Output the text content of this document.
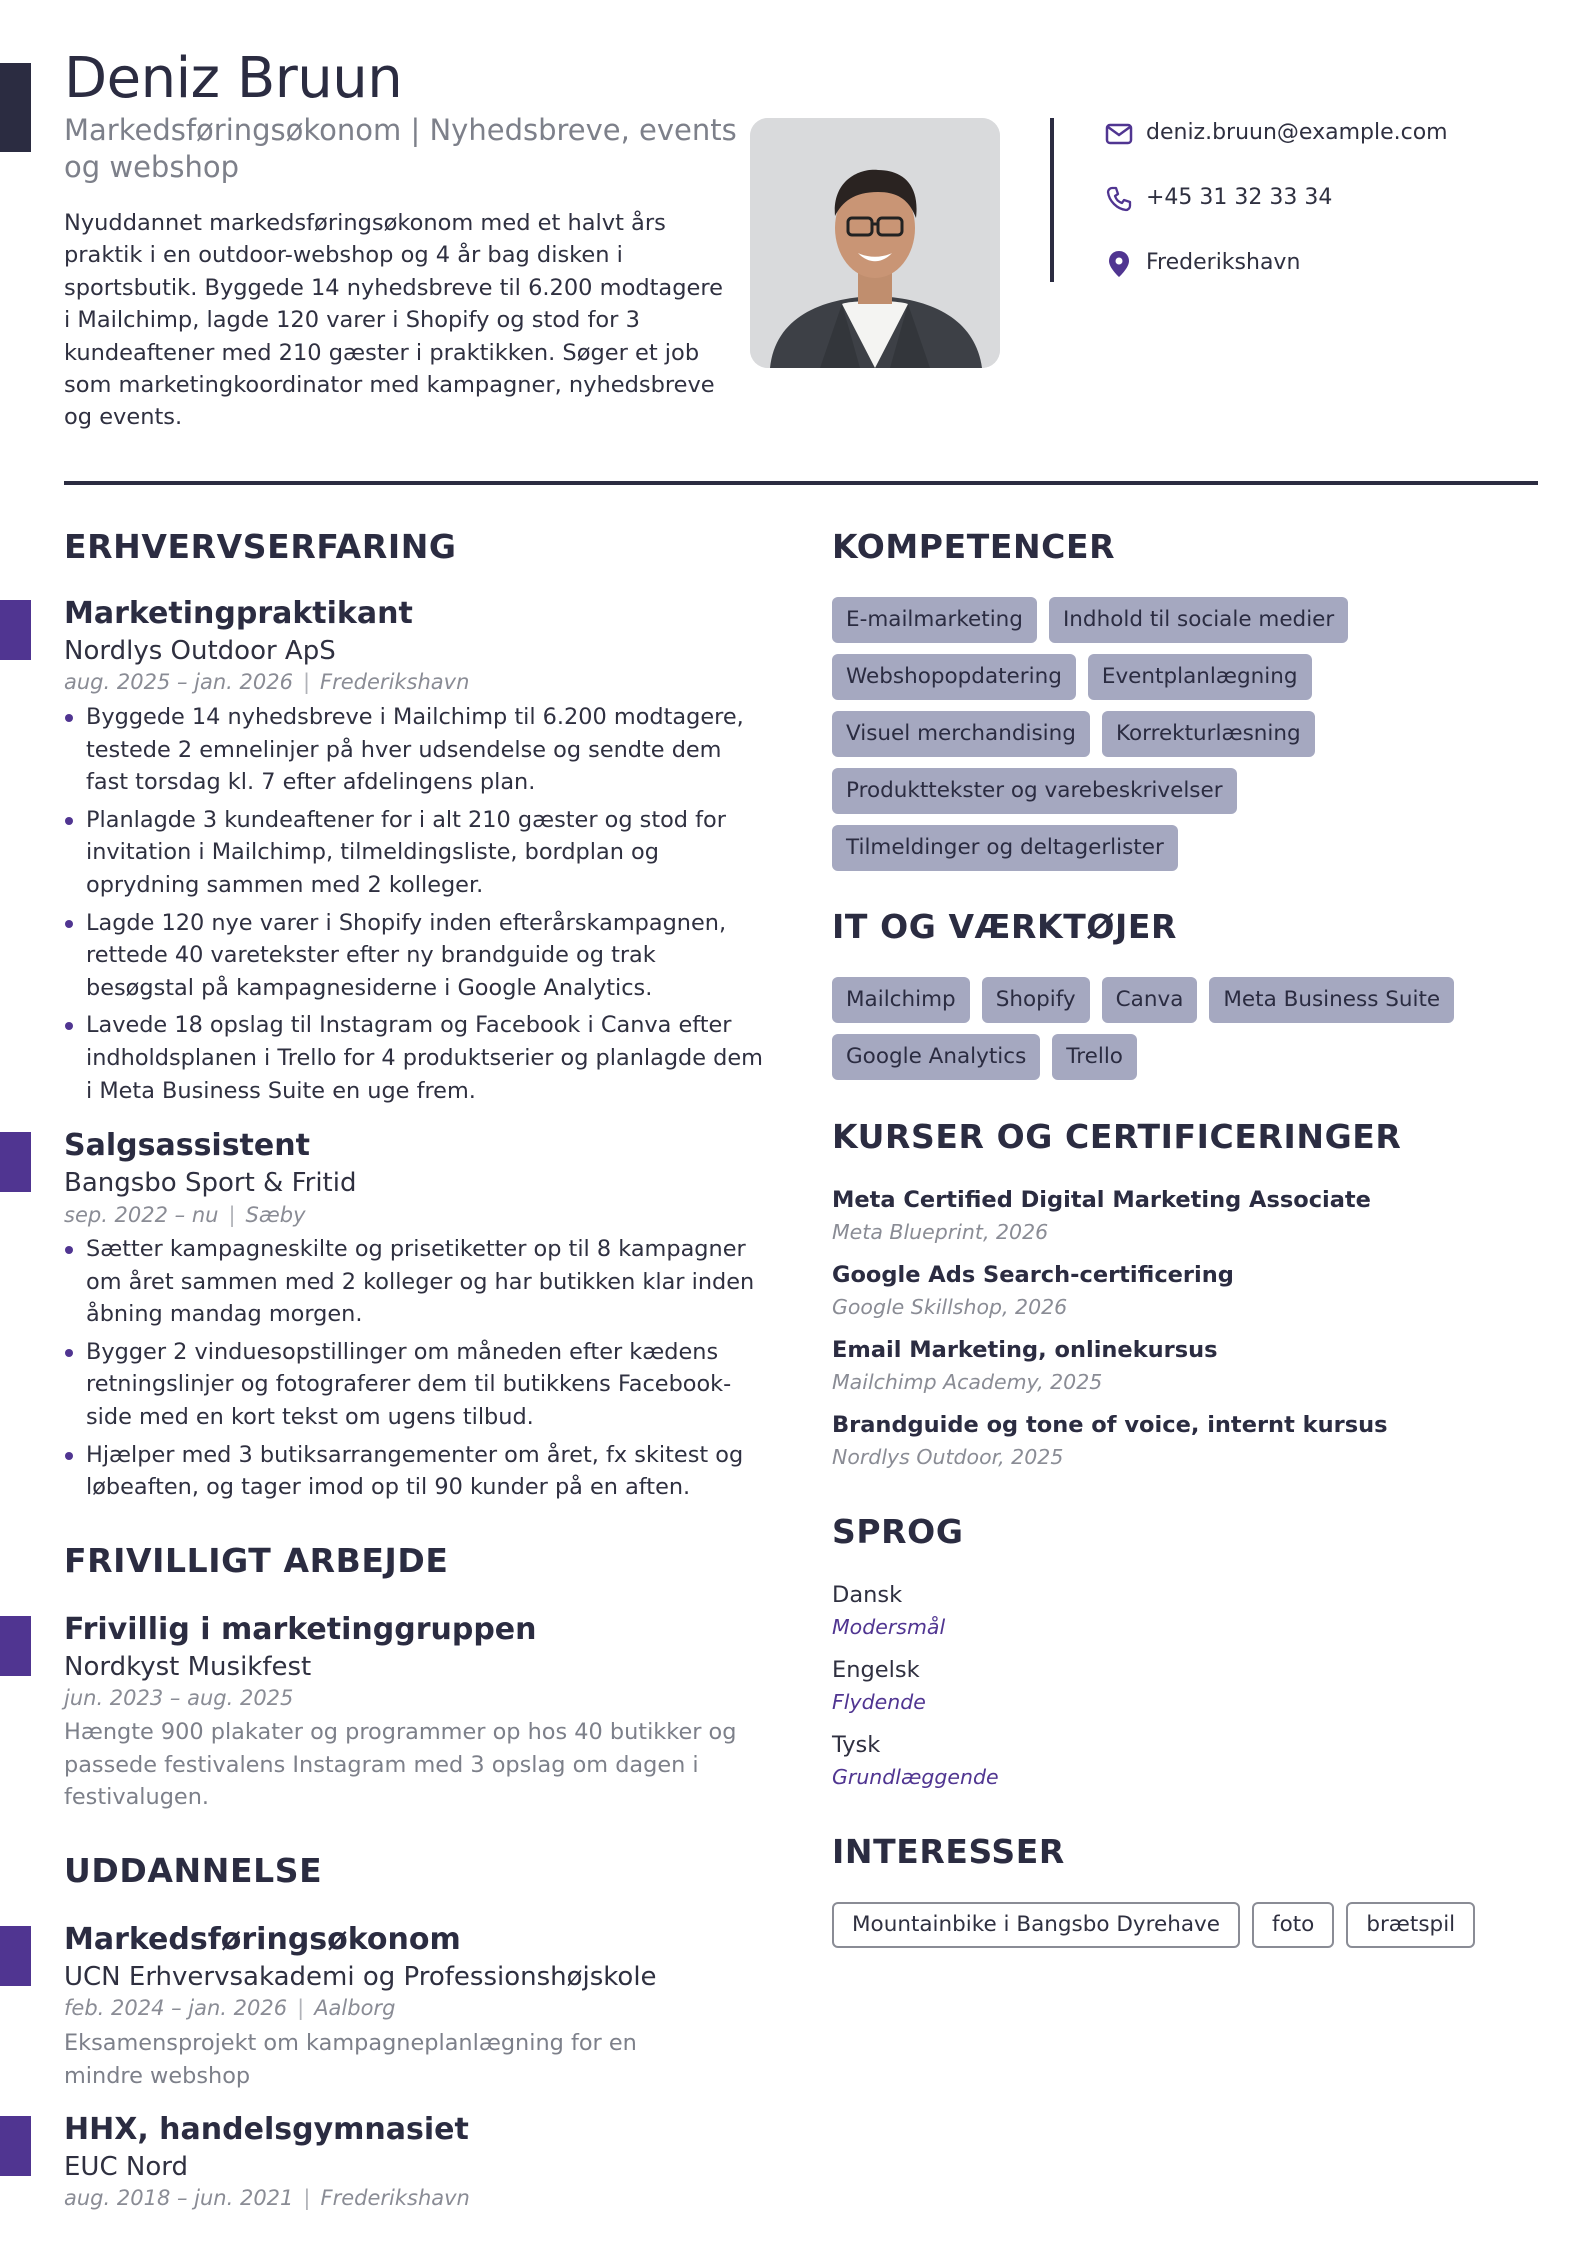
Deniz Bruun
Markedsføringsøkonom | Nyhedsbreve, events og webshop

Nyuddannet markedsføringsøkonom med et halvt års praktik i en outdoor-webshop og 4 år bag disken i sportsbutik. Byggede 14 nyhedsbreve til 6.200 modtagere i Mailchimp, lagde 120 varer i Shopify og stod for 3 kundeaftener med 210 gæster i praktikken. Søger et job som marketingkoordinator med kampagner, nyhedsbreve og events.

deniz.bruun@example.com
+45 31 32 33 34
Frederikshavn
ERHVERVSERFARING
Marketingpraktikant
Nordlys Outdoor ApS
aug. 2025 – jan. 2026 | Frederikshavn
Byggede 14 nyhedsbreve i Mailchimp til 6.200 modtagere, testede 2 emnelinjer på hver udsendelse og sendte dem fast torsdag kl. 7 efter afdelingens plan.
Planlagde 3 kundeaftener for i alt 210 gæster og stod for invitation i Mailchimp, tilmeldingsliste, bordplan og oprydning sammen med 2 kolleger.
Lagde 120 nye varer i Shopify inden efterårskampagnen, rettede 40 varetekster efter ny brandguide og trak besøgstal på kampagnesiderne i Google Analytics.
Lavede 18 opslag til Instagram og Facebook i Canva efter indholdsplanen i Trello for 4 produktserier og planlagde dem i Meta Business Suite en uge frem.
Salgsassistent
Bangsbo Sport & Fritid
sep. 2022 – nu | Sæby
Sætter kampagneskilte og prisetiketter op til 8 kampagner om året sammen med 2 kolleger og har butikken klar inden åbning mandag morgen.
Bygger 2 vinduesopstillinger om måneden efter kædens retningslinjer og fotograferer dem til butikkens Facebook-side med en kort tekst om ugens tilbud.
Hjælper med 3 butiksarrangementer om året, fx skitest og løbeaften, og tager imod op til 90 kunder på en aften.
FRIVILLIGT ARBEJDE
Frivillig i marketinggruppen
Nordkyst Musikfest
jun. 2023 – aug. 2025

Hængte 900 plakater og programmer op hos 40 butikker og passede festivalens Instagram med 3 opslag om dagen i festivalugen.

UDDANNELSE
Markedsføringsøkonom
UCN Erhvervsakademi og Professionshøjskole
feb. 2024 – jan. 2026 | Aalborg

Eksamensprojekt om kampagneplanlægning for en mindre webshop

HHX, handelsgymnasiet
EUC Nord
aug. 2018 – jun. 2021 | Frederikshavn
KOMPETENCER
E-mailmarketing	Indhold til sociale medier
Webshopopdatering	Eventplanlægning
Visuel merchandising	Korrekturlæsning
Produkttekster og varebeskrivelser
Tilmeldinger og deltagerlister
IT OG VÆRKTØJER
Mailchimp	Shopify	Canva	Meta Business Suite
Google Analytics	Trello
KURSER OG CERTIFICERINGER
Meta Certified Digital Marketing Associate
Meta Blueprint, 2026
Google Ads Search-certificering
Google Skillshop, 2026
Email Marketing, onlinekursus
Mailchimp Academy, 2025
Brandguide og tone of voice, internt kursus
Nordlys Outdoor, 2025
SPROG
Dansk
Modersmål
Engelsk
Flydende
Tysk
Grundlæggende
INTERESSER
Mountainbike i Bangsbo Dyrehave	foto	brætspil
